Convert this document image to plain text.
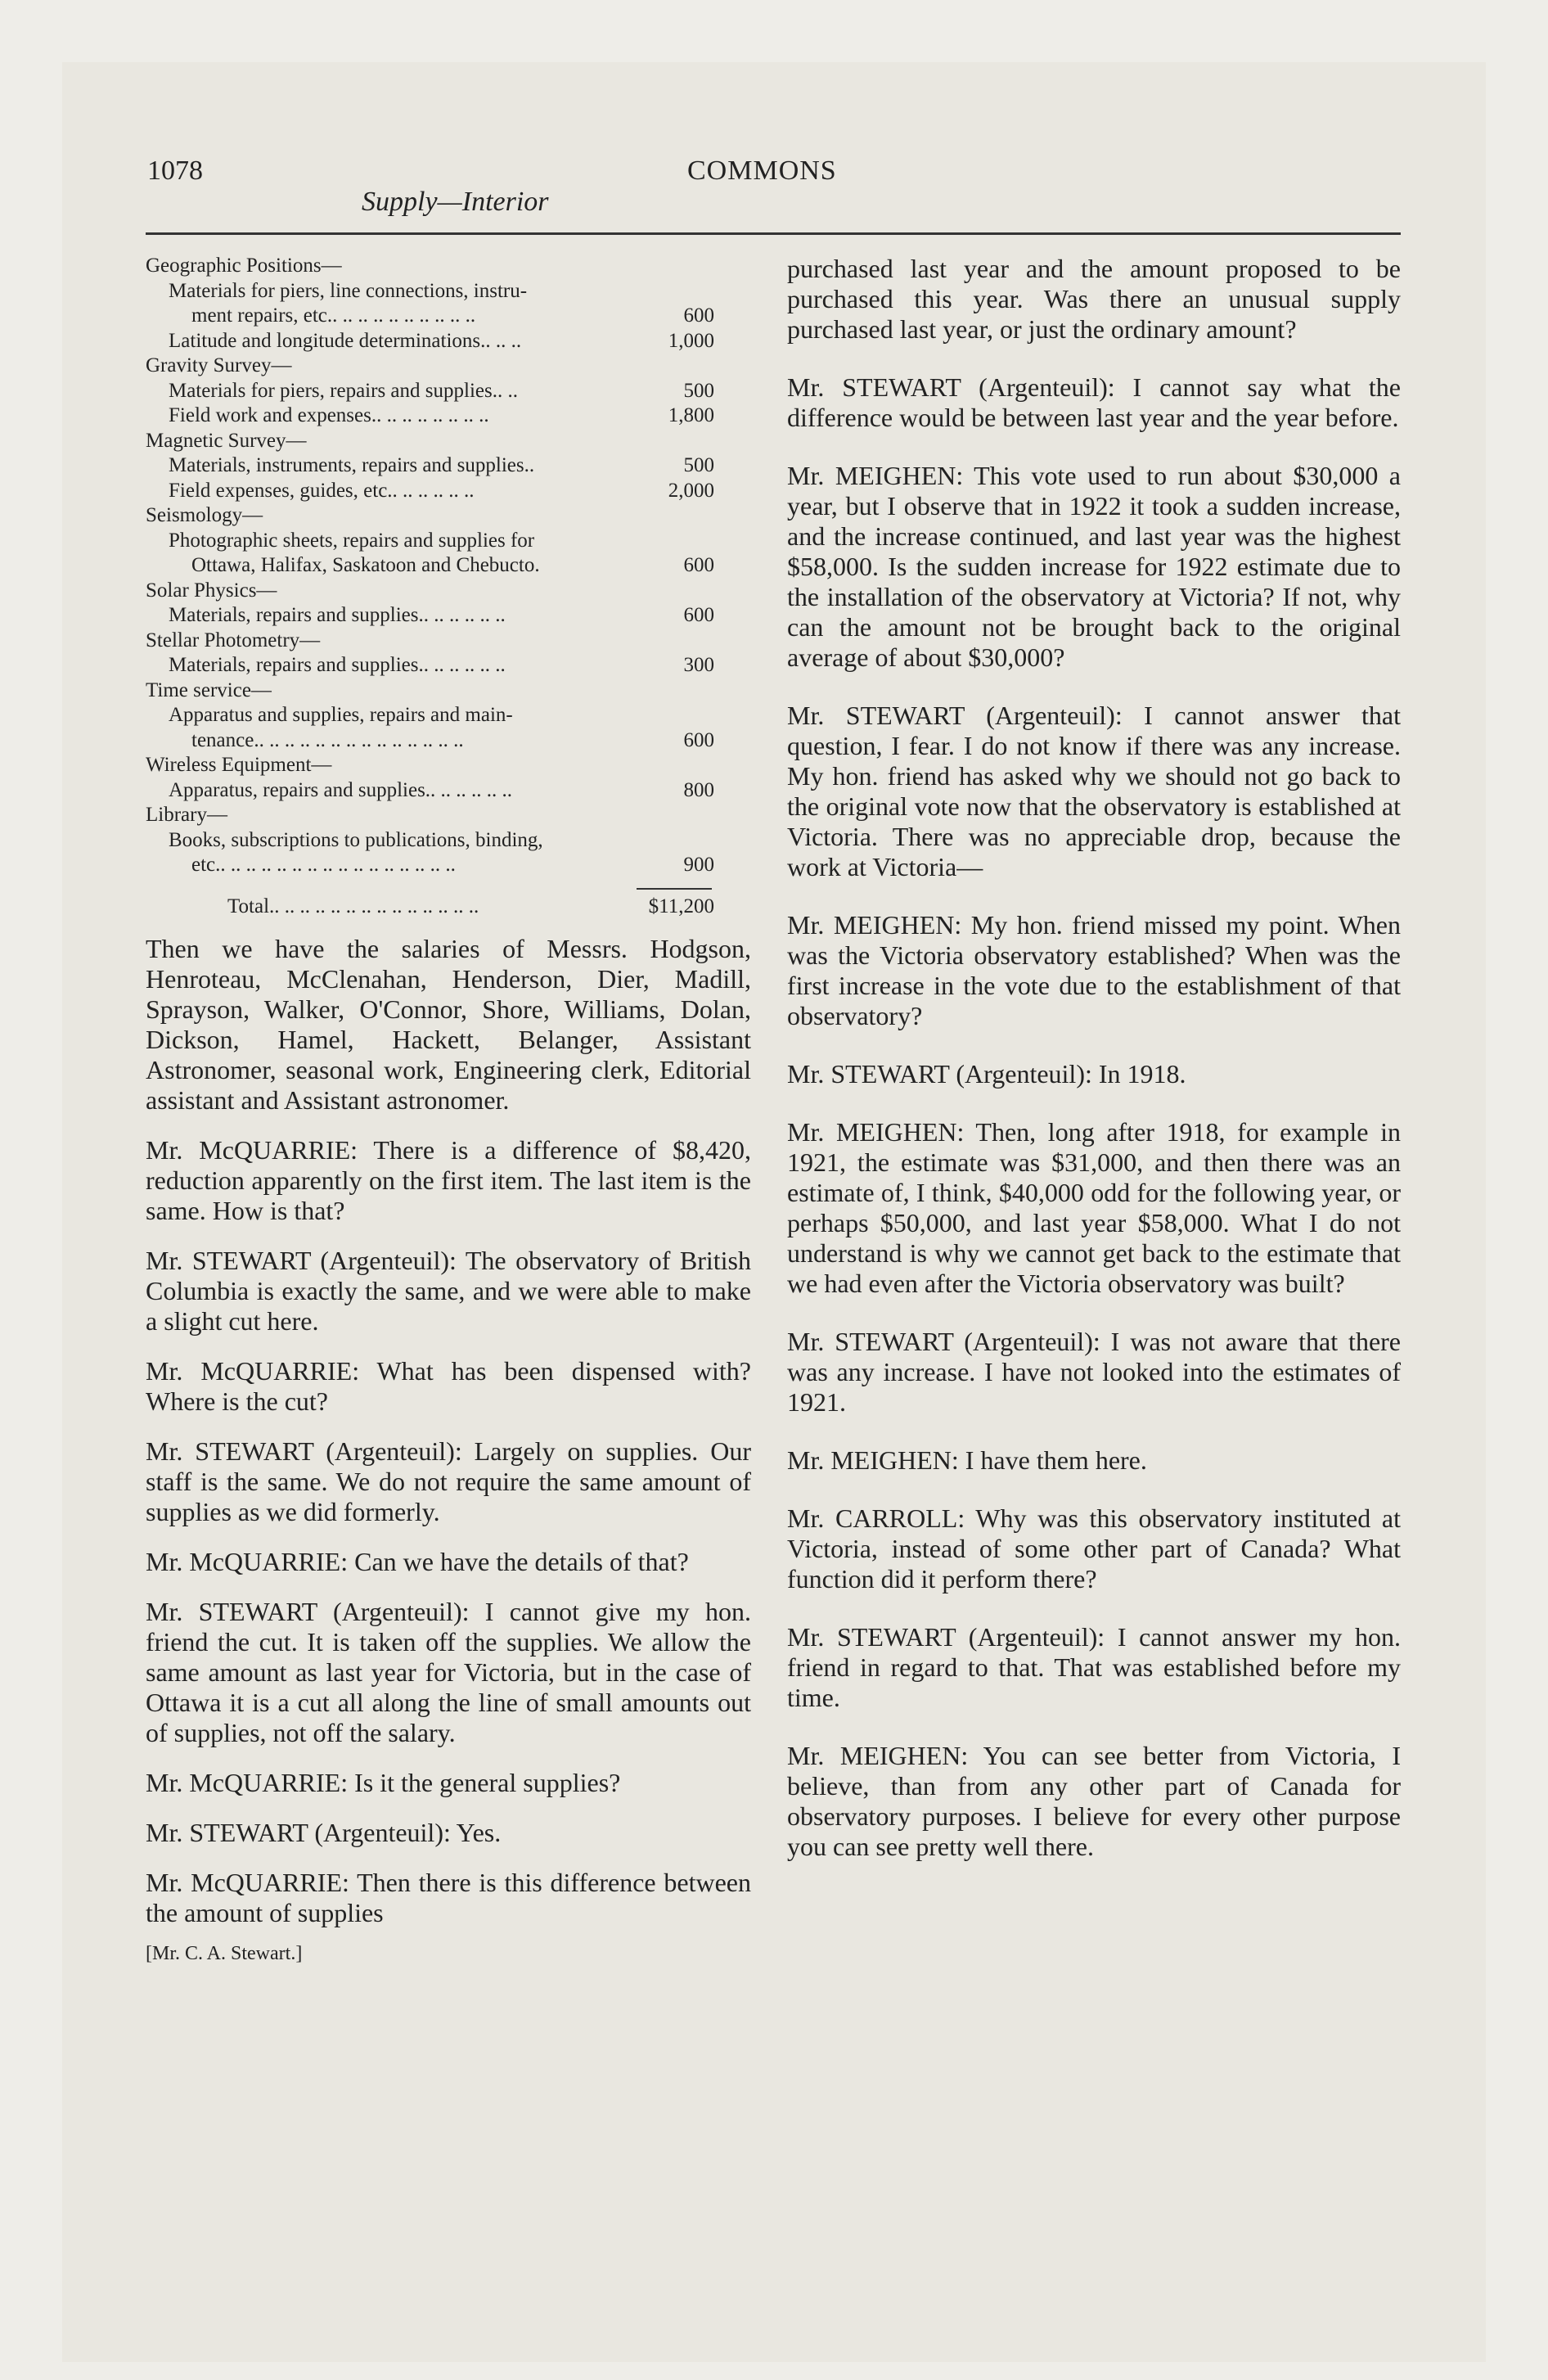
1078	COMMONS
Supply—Interior
Geographic Positions—
Materials for piers, line connections, instru-
ment repairs, etc.. .. .. .. .. .. .. .. .. ..	600
Latitude and longitude determinations.. .. ..	1,000
Gravity Survey—
Materials for piers, repairs and supplies.. ..	500
Field work and expenses.. .. .. .. .. .. .. ..	1,800
Magnetic Survey—
Materials, instruments, repairs and supplies..	500
Field expenses, guides, etc.. .. .. .. .. ..	2,000
Seismology—
Photographic sheets, repairs and supplies for
Ottawa, Halifax, Saskatoon and Chebucto.	600
Solar Physics—
Materials, repairs and supplies.. .. .. .. .. ..	600
Stellar Photometry—
Materials, repairs and supplies.. .. .. .. .. ..	300
Time service—
Apparatus and supplies, repairs and main-
tenance.. .. .. .. .. .. .. .. .. .. .. .. .. ..	600
Wireless Equipment—
Apparatus, repairs and supplies.. .. .. .. .. ..	800
Library—
Books, subscriptions to publications, binding,
etc.. .. .. .. .. .. .. .. .. .. .. .. .. .. .. ..	900
Total.. .. .. .. .. .. .. .. .. .. .. .. .. ..	$11,200

Then we have the salaries of Messrs. Hodgson, Henroteau, McClenahan, Henderson, Dier, Madill, Sprayson, Walker, O'Connor, Shore, Williams, Dolan, Dickson, Hamel, Hackett, Belanger, Assistant Astronomer, seasonal work, Engineering clerk, Editorial assistant and Assistant astronomer.

Mr. McQUARRIE: There is a difference of $8,420, reduction apparently on the first item. The last item is the same. How is that?

Mr. STEWART (Argenteuil): The observatory of British Columbia is exactly the same, and we were able to make a slight cut here.

Mr. McQUARRIE: What has been dispensed with? Where is the cut?

Mr. STEWART (Argenteuil): Largely on supplies. Our staff is the same. We do not require the same amount of supplies as we did formerly.

Mr. McQUARRIE: Can we have the details of that?

Mr. STEWART (Argenteuil): I cannot give my hon. friend the cut. It is taken off the supplies. We allow the same amount as last year for Victoria, but in the case of Ottawa it is a cut all along the line of small amounts out of supplies, not off the salary.

Mr. McQUARRIE: Is it the general supplies?

Mr. STEWART (Argenteuil): Yes.

Mr. McQUARRIE: Then there is this difference between the amount of supplies

[Mr. C. A. Stewart.]

purchased last year and the amount proposed to be purchased this year. Was there an unusual supply purchased last year, or just the ordinary amount?

Mr. STEWART (Argenteuil): I cannot say what the difference would be between last year and the year before.

Mr. MEIGHEN: This vote used to run about $30,000 a year, but I observe that in 1922 it took a sudden increase, and the increase continued, and last year was the highest $58,000. Is the sudden increase for 1922 estimate due to the installation of the observatory at Victoria? If not, why can the amount not be brought back to the original average of about $30,000?

Mr. STEWART (Argenteuil): I cannot answer that question, I fear. I do not know if there was any increase. My hon. friend has asked why we should not go back to the original vote now that the observatory is established at Victoria. There was no appreciable drop, because the work at Victoria—

Mr. MEIGHEN: My hon. friend missed my point. When was the Victoria observatory established? When was the first increase in the vote due to the establishment of that observatory?

Mr. STEWART (Argenteuil): In 1918.

Mr. MEIGHEN: Then, long after 1918, for example in 1921, the estimate was $31,000, and then there was an estimate of, I think, $40,000 odd for the following year, or perhaps $50,000, and last year $58,000. What I do not understand is why we cannot get back to the estimate that we had even after the Victoria observatory was built?

Mr. STEWART (Argenteuil): I was not aware that there was any increase. I have not looked into the estimates of 1921.

Mr. MEIGHEN: I have them here.

Mr. CARROLL: Why was this observatory instituted at Victoria, instead of some other part of Canada? What function did it perform there?

Mr. STEWART (Argenteuil): I cannot answer my hon. friend in regard to that. That was established before my time.

Mr. MEIGHEN: You can see better from Victoria, I believe, than from any other part of Canada for observatory purposes. I believe for every other purpose you can see pretty well there.
